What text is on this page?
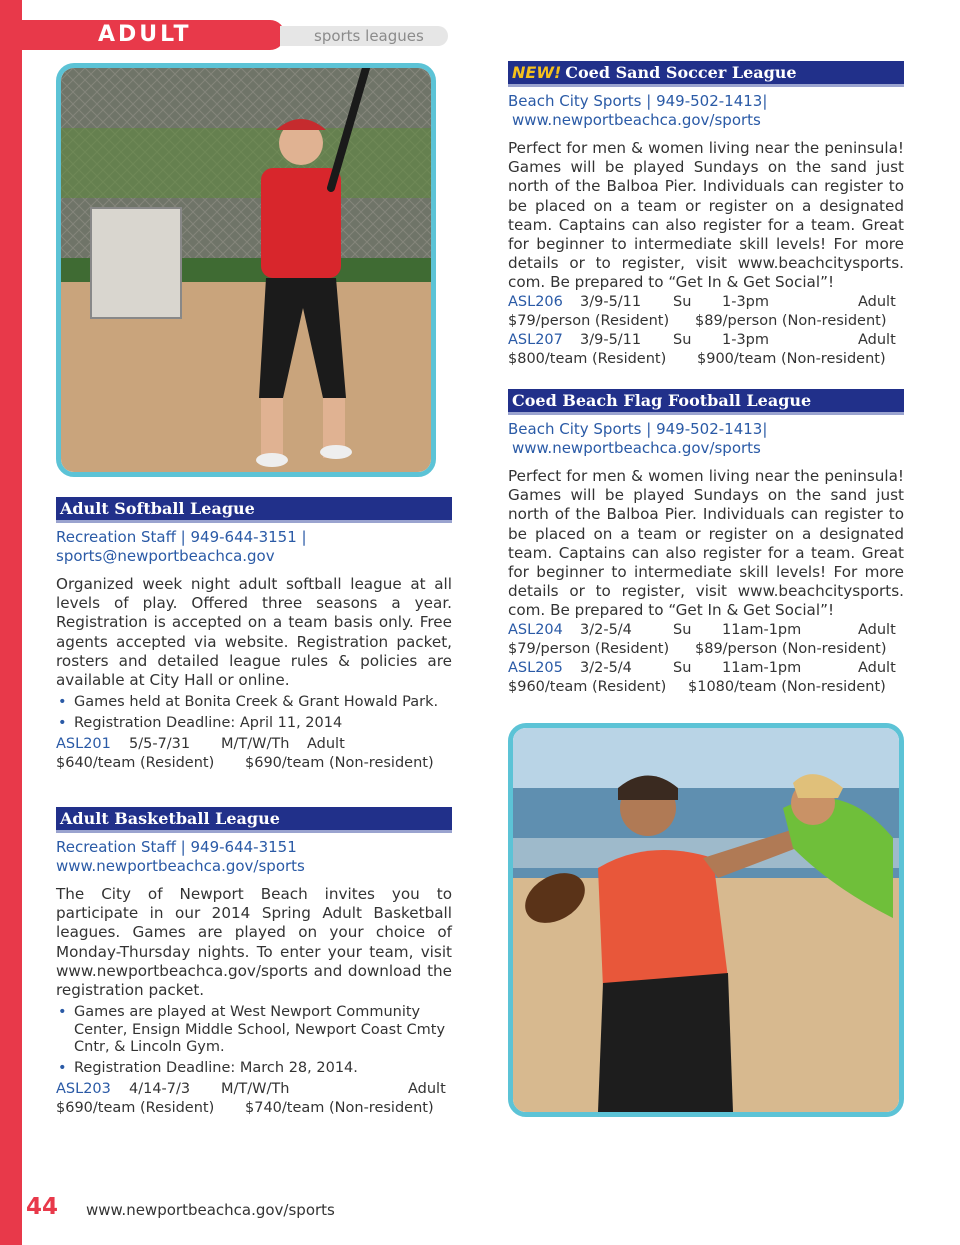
ADULT	sports leagues
Adult Softball League
Recreation Staff | 949-644-3151 |
sports@newportbeachca.gov
Organized week night adult softball league at all levels of play. Offered three seasons a year. Registration is accepted on a team basis only. Free agents accepted via website. Registration packet, rosters and detailed league rules & policies are available at City Hall or online.
• Games held at Bonita Creek & Grant Howald Park.
• Registration Deadline: April 11, 2014
ASL201 5/5-7/31 M/T/W/Th Adult
$640/team (Resident) $690/team (Non-resident)
Adult Basketball League
Recreation Staff | 949-644-3151
www.newportbeachca.gov/sports
The City of Newport Beach invites you to participate in our 2014 Spring Adult Basketball leagues. Games are played on your choice of Monday-Thursday nights. To enter your team, visit www.newportbeachca.gov/sports and download the registration packet.
• Games are played at West Newport Community Center, Ensign Middle School, Newport Coast Cmty Cntr, & Lincoln Gym.
• Registration Deadline: March 28, 2014.
ASL203 4/14-7/3 M/T/W/Th	Adult
$690/team (Resident) $740/team (Non-resident)
NEW! Coed Sand Soccer League
Beach City Sports | 949-502-1413|
www.newportbeachca.gov/sports
Perfect for men & women living near the peninsula! Games will be played Sundays on the sand just north of the Balboa Pier. Individuals can register to be placed on a team or register on a designated team. Captains can also register for a team. Great for beginner to intermediate skill levels! For more details or to register, visit www.beachcitysports. com. Be prepared to “Get In & Get Social”!
ASL206 3/9-5/11 Su 1-3pm	Adult
$79/person (Resident) $89/person (Non-resident)
ASL207 3/9-5/11 Su 1-3pm	Adult
$800/team (Resident) $900/team (Non-resident)
Coed Beach Flag Football League
Beach City Sports | 949-502-1413|
www.newportbeachca.gov/sports
Perfect for men & women living near the peninsula! Games will be played Sundays on the sand just north of the Balboa Pier. Individuals can register to be placed on a team or register on a designated team. Captains can also register for a team. Great for beginner to intermediate skill levels! For more details or to register, visit www.beachcitysports. com. Be prepared to “Get In & Get Social”!
ASL204 3/2-5/4	Su 11am-1pm	Adult
$79/person (Resident) $89/person (Non-resident)
ASL205 3/2-5/4	Su 11am-1pm	Adult
$960/team (Resident) $1080/team (Non-resident)
44 www.newportbeachca.gov/sports
